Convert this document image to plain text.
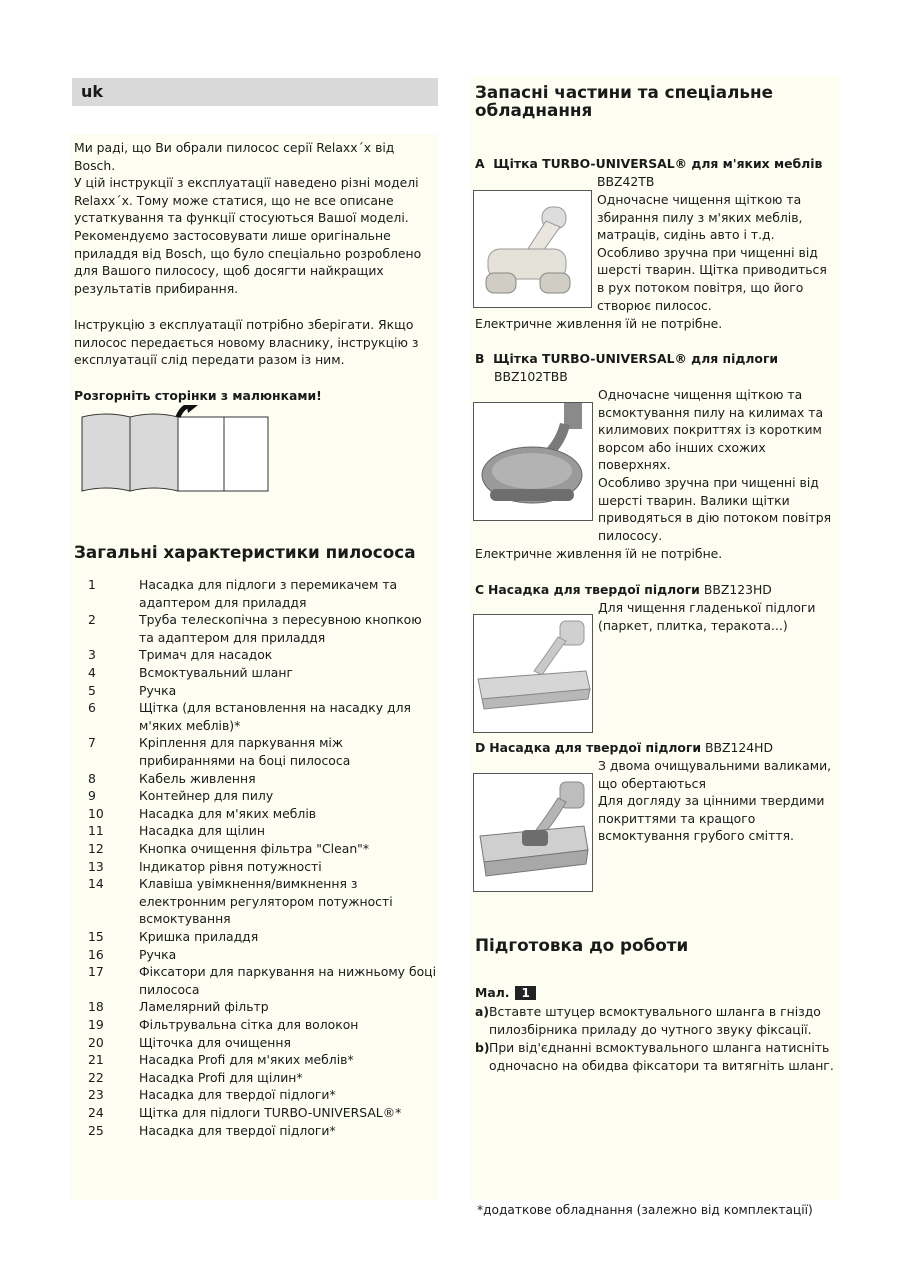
uk
Ми раді, що Ви обрали пилосос серії Relaxx´x від Bosch.
У цій інструкції з експлуатації наведено різні моделі Relaxx´x. Тому може статися, що не все описане устаткування та функції стосуються Вашої моделі. Рекомендуємо застосовувати лише оригінальне приладдя від Bosch, що було спеціально розроблено для Вашого пилососу, щоб досягти найкращих результатів прибирання.
Інструкцію з експлуатації потрібно зберігати. Якщо пилосос передається новому власнику, інструкцію з експлуатації слід передати разом із ним.
Розгорніть сторінки з малюнками!
Загальні характеристики пилососа
1	Насадка для підлоги з перемикачем та адаптером для приладдя
2	Труба телескопічна з пересувною кнопкою та адаптером для приладдя
3	Тримач для насадок
4	Всмоктувальний шланг
5	Ручка
6	Щітка (для встановлення на насадку для м'яких меблів)*
7	Кріплення для паркування між прибираннями на боці пилососа
8	Кабель живлення
9	Контейнер для пилу
10	Насадка для м'яких меблів
11	Насадка для щілин
12	Кнопка очищення фільтра "Clean"*
13	Індикатор рівня потужності
14	Клавіша увімкнення/вимкнення з електронним регулятором потужності всмоктування
15	Кришка приладдя
16	Ручка
17	Фіксатори для паркування на нижньому боці пилососа
18	Ламелярний фільтр
19	Фільтрувальна сітка для волокон
20	Щіточка для очищення
21	Насадка Profi для м'яких меблів*
22	Насадка Profi для щілин*
23	Насадка для твердої підлоги*
24	Щітка для підлоги TURBO-UNIVERSAL®*
25	Насадка для твердої підлоги*
Запасні частини та спеціальне обладнання
A Щітка TURBO-UNIVERSAL® для м'яких меблів
BBZ42TB
Одночасне чищення щіткою та збирання пилу з м'яких меблів, матраців, сидінь авто і т.д. Особливо зручна при чищенні від шерсті тварин. Щітка приводиться в рух потоком повітря, що його створює пилосос.
Електричне живлення їй не потрібне.
B Щітка TURBO-UNIVERSAL® для підлоги
BBZ102TBB
Одночасне чищення щіткою та всмоктування пилу на килимах та килимових покриттях із коротким ворсом або інших схожих поверхнях.
Особливо зручна при чищенні від шерсті тварин. Валики щітки приводяться в дію потоком повітря пилососу.
Електричне живлення їй не потрібне.
C Насадка для твердої підлоги BBZ123HD
Для чищення гладенької підлоги (паркет, плитка, теракота...)
D Насадка для твердої підлоги BBZ124HD
З двома очищувальними валиками, що обертаються
Для догляду за цінними твердими покриттями та кращого всмоктування грубого сміття.
Підготовка до роботи
Мал. 1
a) Вставте штуцер всмоктувального шланга в гніздо пилозбірника приладу до чутного звуку фіксації.
b) При від'єднанні всмоктувального шланга натисніть одночасно на обидва фіксатори та витягніть шланг.
*додаткове обладнання (залежно від комплектації)
